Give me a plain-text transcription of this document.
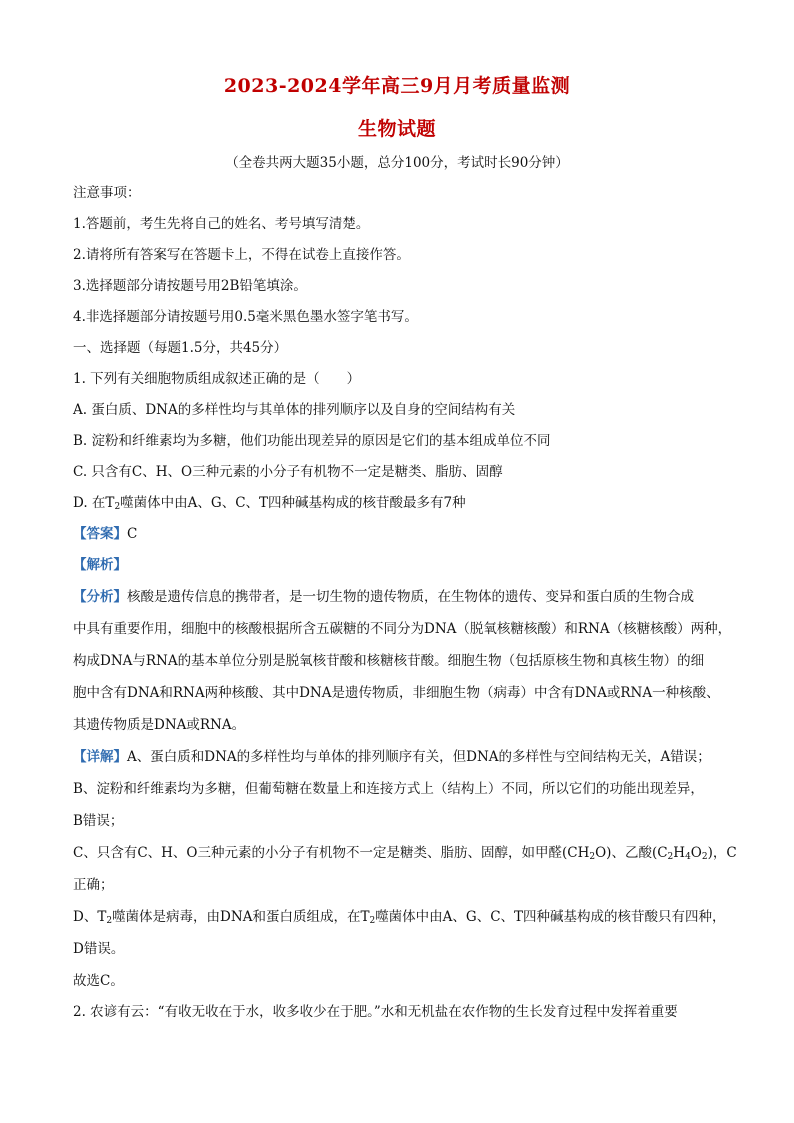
2023-2024学年高三9月月考质量监测
生物试题
（全卷共两大题35小题，总分100分，考试时长90分钟）
注意事项：
1.答题前，考生先将自己的姓名、考号填写清楚。
2.请将所有答案写在答题卡上，不得在试卷上直接作答。
3.选择题部分请按题号用2B铅笔填涂。
4.非选择题部分请按题号用0.5毫米黑色墨水签字笔书写。
一、选择题（每题1.5分，共45分）
1. 下列有关细胞物质组成叙述正确的是（　　）
A. 蛋白质、DNA的多样性均与其单体的排列顺序以及自身的空间结构有关
B. 淀粉和纤维素均为多糖，他们功能出现差异的原因是它们的基本组成单位不同
C. 只含有C、H、O三种元素的小分子有机物不一定是糖类、脂肪、固醇
D. 在$T_2$噬菌体中由A、G、C、T四种碱基构成的核苷酸最多有7种
【答案】C
【解析】
【分析】核酸是遗传信息的携带者，是一切生物的遗传物质，在生物体的遗传、变异和蛋白质的生物合成
中具有重要作用，细胞中的核酸根据所含五碳糖的不同分为DNA（脱氧核糖核酸）和RNA（核糖核酸）两种，
构成DNA与RNA的基本单位分别是脱氧核苷酸和核糖核苷酸。细胞生物（包括原核生物和真核生物）的细
胞中含有DNA和RNA两种核酸、其中DNA是遗传物质，非细胞生物（病毒）中含有DNA或RNA一种核酸、
其遗传物质是DNA或RNA。
【详解】A、蛋白质和DNA的多样性均与单体的排列顺序有关，但DNA的多样性与空间结构无关，A错误；
B、淀粉和纤维素均为多糖，但葡萄糖在数量上和连接方式上（结构上）不同，所以它们的功能出现差异，
B错误；
C、只含有C、H、O三种元素的小分子有机物不一定是糖类、脂肪、固醇，如甲醛$(CH_2O)$、乙酸$(C_2H_4O_2)$，C
正确；
D、$T_2$噬菌体是病毒，由DNA和蛋白质组成，在$T_2$噬菌体中由A、G、C、T四种碱基构成的核苷酸只有四种，
D错误。
故选C。
2. 农谚有云：“有收无收在于水，收多收少在于肥。”水和无机盐在农作物的生长发育过程中发挥着重要
